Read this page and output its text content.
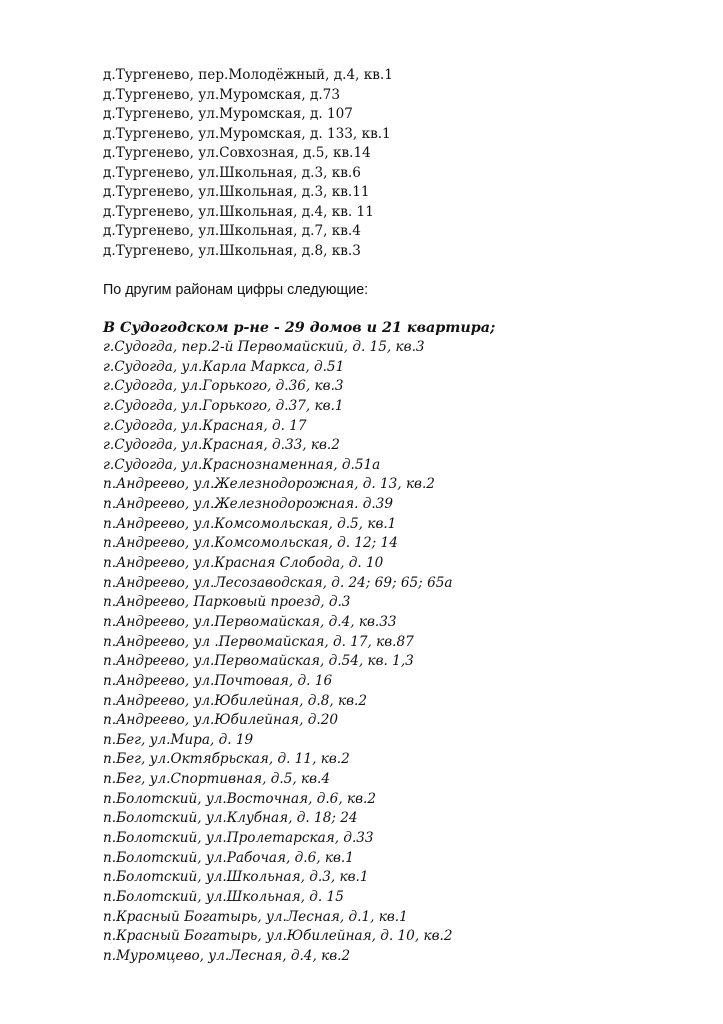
д.Тургенево, пер.Молодёжный, д.4, кв.1
д.Тургенево, ул.Муромская, д.73
д.Тургенево, ул.Муромская, д. 107
д.Тургенево, ул.Муромская, д. 133, кв.1
д.Тургенево, ул.Совхозная, д.5, кв.14
д.Тургенево, ул.Школьная, д.3, кв.6
д.Тургенево, ул.Школьная, д.3, кв.11
д.Тургенево, ул.Школьная, д.4, кв. 11
д.Тургенево, ул.Школьная, д.7, кв.4
д.Тургенево, ул.Школьная, д.8, кв.3
По другим районам цифры следующие:
В Судогодском р-не - 29 домов и 21 квартира;
г.Судогда, пер.2-й Первомайский, д. 15, кв.3
г.Судогда, ул.Карла Маркса, д.51
г.Судогда, ул.Горького, д.36, кв.3
г.Судогда, ул.Горького, д.37, кв.1
г.Судогда, ул.Красная, д. 17
г.Судогда, ул.Красная, д.33, кв.2
г.Судогда, ул.Краснознаменная, д.51а
п.Андреево, ул.Железнодорожная, д. 13, кв.2
п.Андреево, ул.Железнодорожная. д.39
п.Андреево, ул.Комсомольская, д.5, кв.1
п.Андреево, ул.Комсомольская, д. 12; 14
п.Андреево, ул.Красная Слобода, д. 10
п.Андреево, ул.Лесозаводская, д. 24; 69; 65; 65а
п.Андреево, Парковый проезд, д.3
п.Андреево, ул.Первомайская, д.4, кв.33
п.Андреево, ул .Первомайская, д. 17, кв.87
п.Андреево, ул.Первомайская, д.54, кв. 1,3
п.Андреево, ул.Почтовая, д. 16
п.Андреево, ул.Юбилейная, д.8, кв.2
п.Андреево, ул.Юбилейная, д.20
п.Бег, ул.Мира, д. 19
п.Бег, ул.Октябрьская, д. 11, кв.2
п.Бег, ул.Спортивная, д.5, кв.4
п.Болотский, ул.Восточная, д.6, кв.2
п.Болотский, ул.Клубная, д. 18; 24
п.Болотский, ул.Пролетарская, д.33
п.Болотский, ул.Рабочая, д.6, кв.1
п.Болотский, ул.Школьная, д.3, кв.1
п.Болотский, ул.Школьная, д. 15
п.Красный Богатырь, ул.Лесная, д.1, кв.1
п.Красный Богатырь, ул.Юбилейная, д. 10, кв.2
п.Муромцево, ул.Лесная, д.4, кв.2
